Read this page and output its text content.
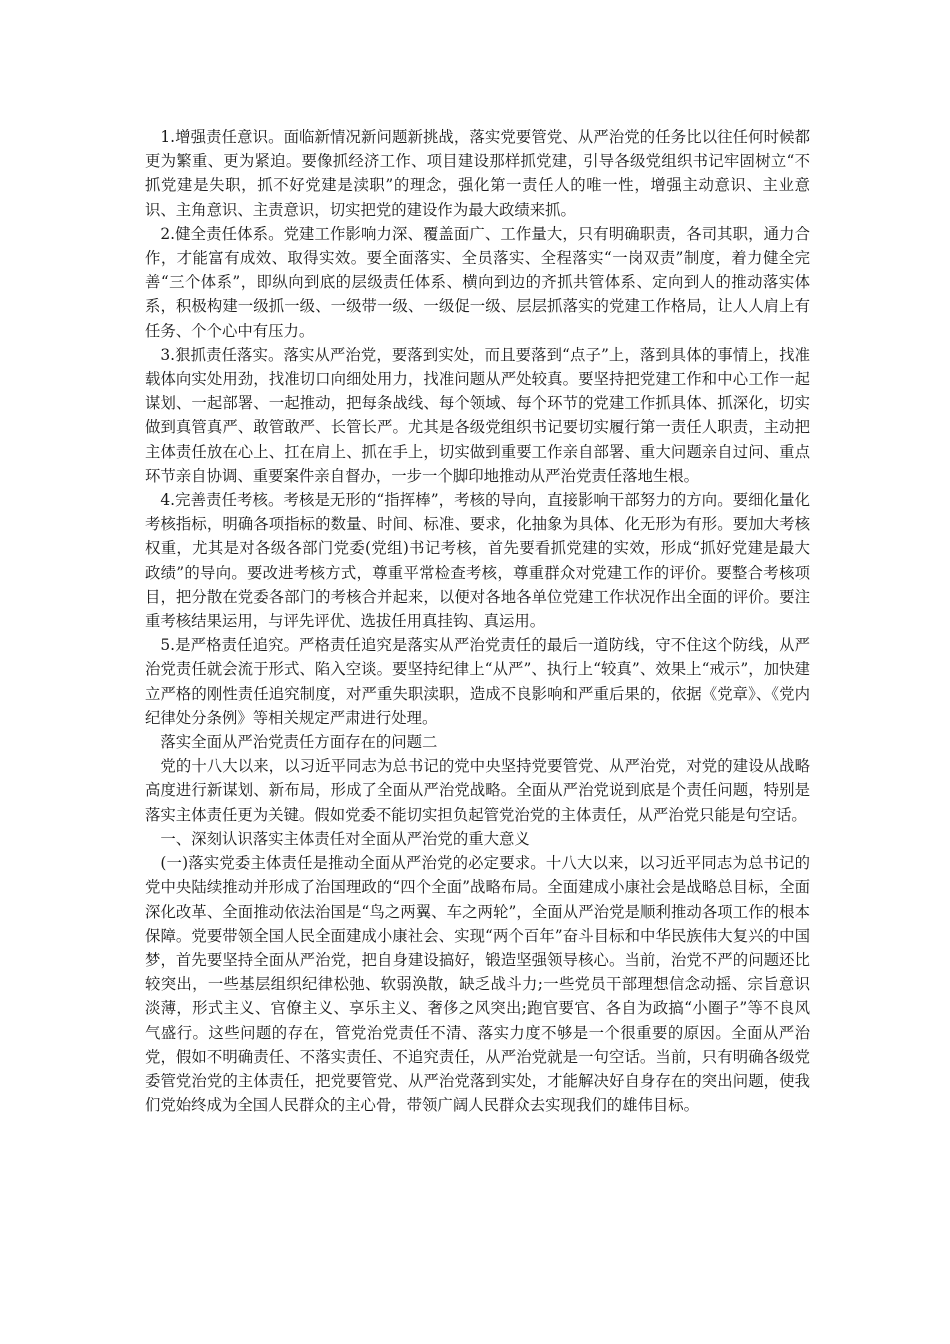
1.增强责任意识。面临新情况新问题新挑战，落实党要管党、从严治党的任务比以往任何时候都更为繁重、更为紧迫。要像抓经济工作、项目建设那样抓党建，引导各级党组织书记牢固树立“不抓党建是失职，抓不好党建是渎职”的理念，强化第一责任人的唯一性，增强主动意识、主业意识、主角意识、主责意识，切实把党的建设作为最大政绩来抓。

2.健全责任体系。党建工作影响力深、覆盖面广、工作量大，只有明确职责，各司其职，通力合作，才能富有成效、取得实效。要全面落实、全员落实、全程落实“一岗双责”制度，着力健全完善“三个体系”，即纵向到底的层级责任体系、横向到边的齐抓共管体系、定向到人的推动落实体系，积极构建一级抓一级、一级带一级、一级促一级、层层抓落实的党建工作格局，让人人肩上有任务、个个心中有压力。

3.狠抓责任落实。落实从严治党，要落到实处，而且要落到“点子”上，落到具体的事情上，找准载体向实处用劲，找准切口向细处用力，找准问题从严处较真。要坚持把党建工作和中心工作一起谋划、一起部署、一起推动，把每条战线、每个领域、每个环节的党建工作抓具体、抓深化，切实做到真管真严、敢管敢严、长管长严。尤其是各级党组织书记要切实履行第一责任人职责，主动把主体责任放在心上、扛在肩上、抓在手上，切实做到重要工作亲自部署、重大问题亲自过问、重点环节亲自协调、重要案件亲自督办，一步一个脚印地推动从严治党责任落地生根。

4.完善责任考核。考核是无形的“指挥棒”，考核的导向，直接影响干部努力的方向。要细化量化考核指标，明确各项指标的数量、时间、标准、要求，化抽象为具体、化无形为有形。要加大考核权重，尤其是对各级各部门党委(党组)书记考核，首先要看抓党建的实效，形成“抓好党建是最大政绩”的导向。要改进考核方式，尊重平常检查考核，尊重群众对党建工作的评价。要整合考核项目，把分散在党委各部门的考核合并起来，以便对各地各单位党建工作状况作出全面的评价。要注重考核结果运用，与评先评优、选拔任用真挂钩、真运用。

5.是严格责任追究。严格责任追究是落实从严治党责任的最后一道防线，守不住这个防线，从严治党责任就会流于形式、陷入空谈。要坚持纪律上“从严”、执行上“较真”、效果上“戒示”，加快建立严格的刚性责任追究制度，对严重失职渎职，造成不良影响和严重后果的，依据《党章》、《党内纪律处分条例》等相关规定严肃进行处理。

落实全面从严治党责任方面存在的问题二

党的十八大以来，以习近平同志为总书记的党中央坚持党要管党、从严治党，对党的建设从战略高度进行新谋划、新布局，形成了全面从严治党战略。全面从严治党说到底是个责任问题，特别是落实主体责任更为关键。假如党委不能切实担负起管党治党的主体责任，从严治党只能是句空话。

一、深刻认识落实主体责任对全面从严治党的重大意义

(一)落实党委主体责任是推动全面从严治党的必定要求。十八大以来，以习近平同志为总书记的党中央陆续推动并形成了治国理政的“四个全面”战略布局。全面建成小康社会是战略总目标，全面深化改革、全面推动依法治国是“鸟之两翼、车之两轮”，全面从严治党是顺利推动各项工作的根本保障。党要带领全国人民全面建成小康社会、实现“两个百年”奋斗目标和中华民族伟大复兴的中国梦，首先要坚持全面从严治党，把自身建设搞好，锻造坚强领导核心。当前，治党不严的问题还比较突出，一些基层组织纪律松弛、软弱涣散，缺乏战斗力;一些党员干部理想信念动摇、宗旨意识淡薄，形式主义、官僚主义、享乐主义、奢侈之风突出;跑官要官、各自为政搞“小圈子”等不良风气盛行。这些问题的存在，管党治党责任不清、落实力度不够是一个很重要的原因。全面从严治党，假如不明确责任、不落实责任、不追究责任，从严治党就是一句空话。当前，只有明确各级党委管党治党的主体责任，把党要管党、从严治党落到实处，才能解决好自身存在的突出问题，使我们党始终成为全国人民群众的主心骨，带领广阔人民群众去实现我们的雄伟目标。
